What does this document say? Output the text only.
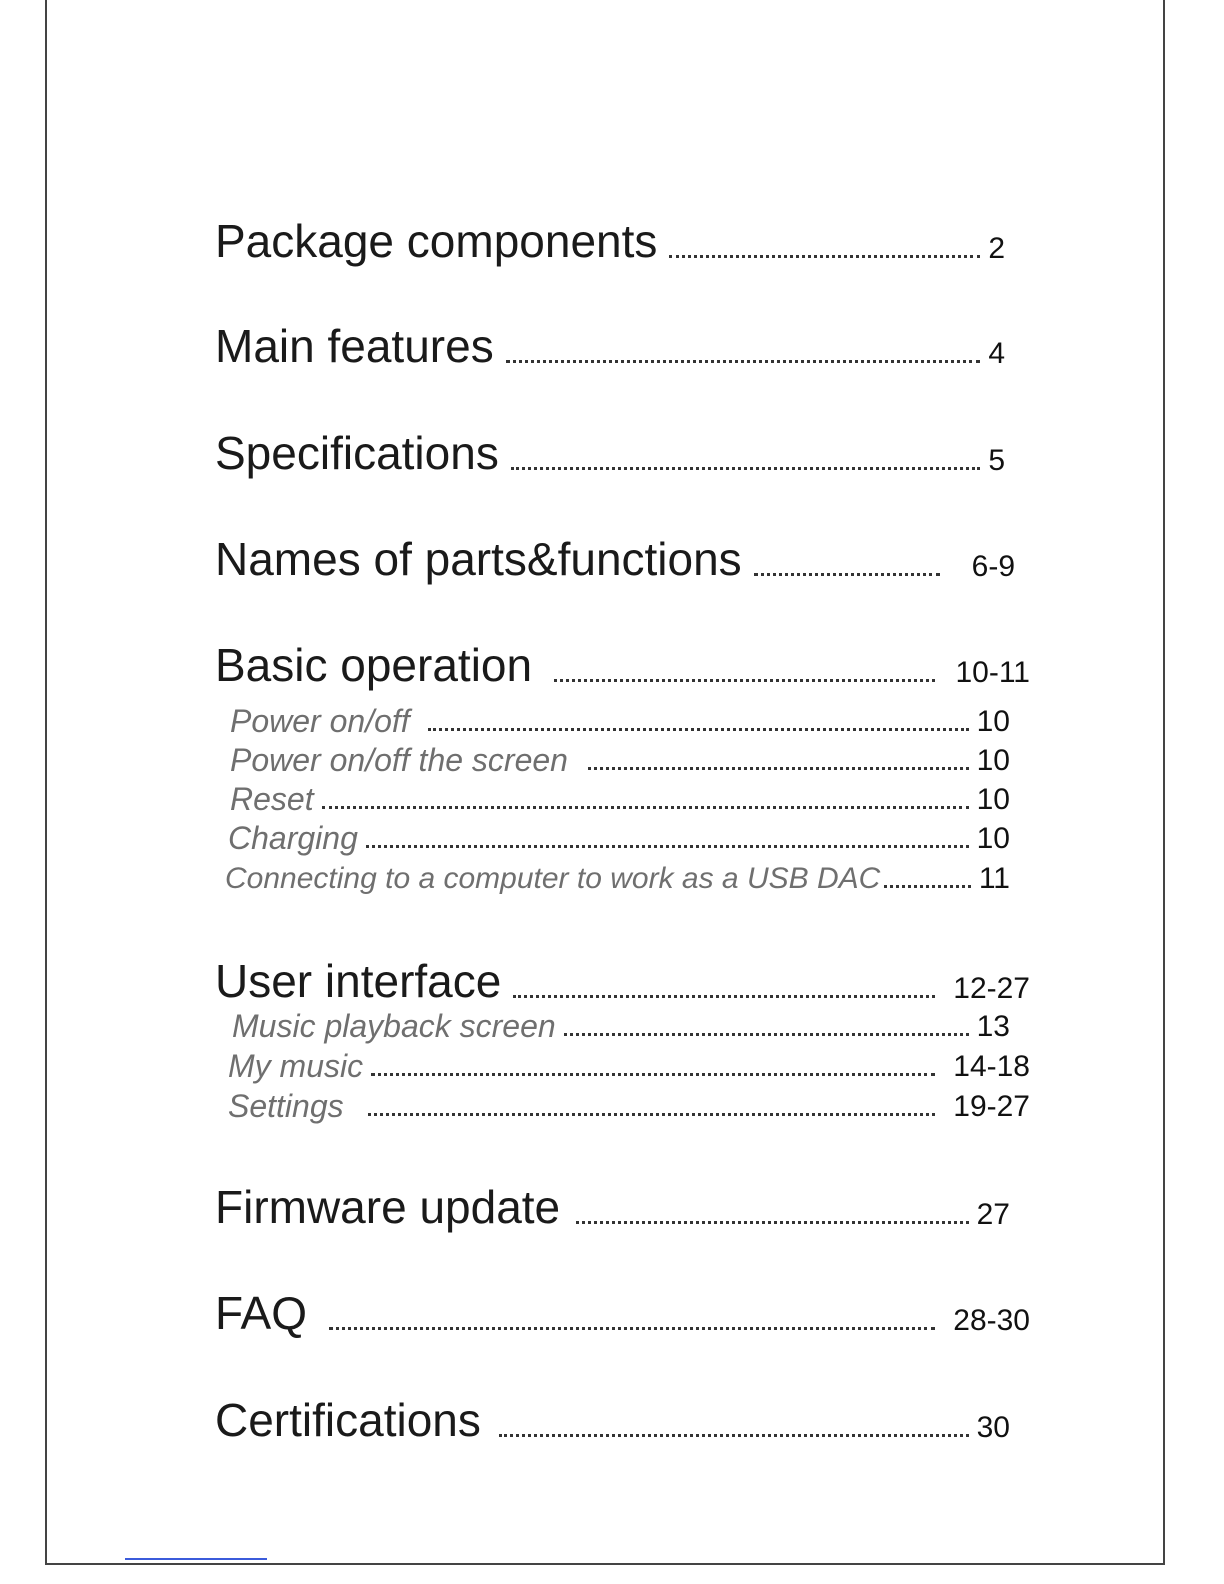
Package components	2
Main features	4
Specifications	5
Names of parts&functions	6-9
Basic operation	10-11
Power on/off	10
Power on/off the screen	10
Reset	10
Charging	10
Connecting to a computer to work as a USB DAC	11
User interface	12-27
Music playback screen	13
My music	14-18
Settings	19-27
Firmware update	27
FAQ	28-30
Certifications	30
